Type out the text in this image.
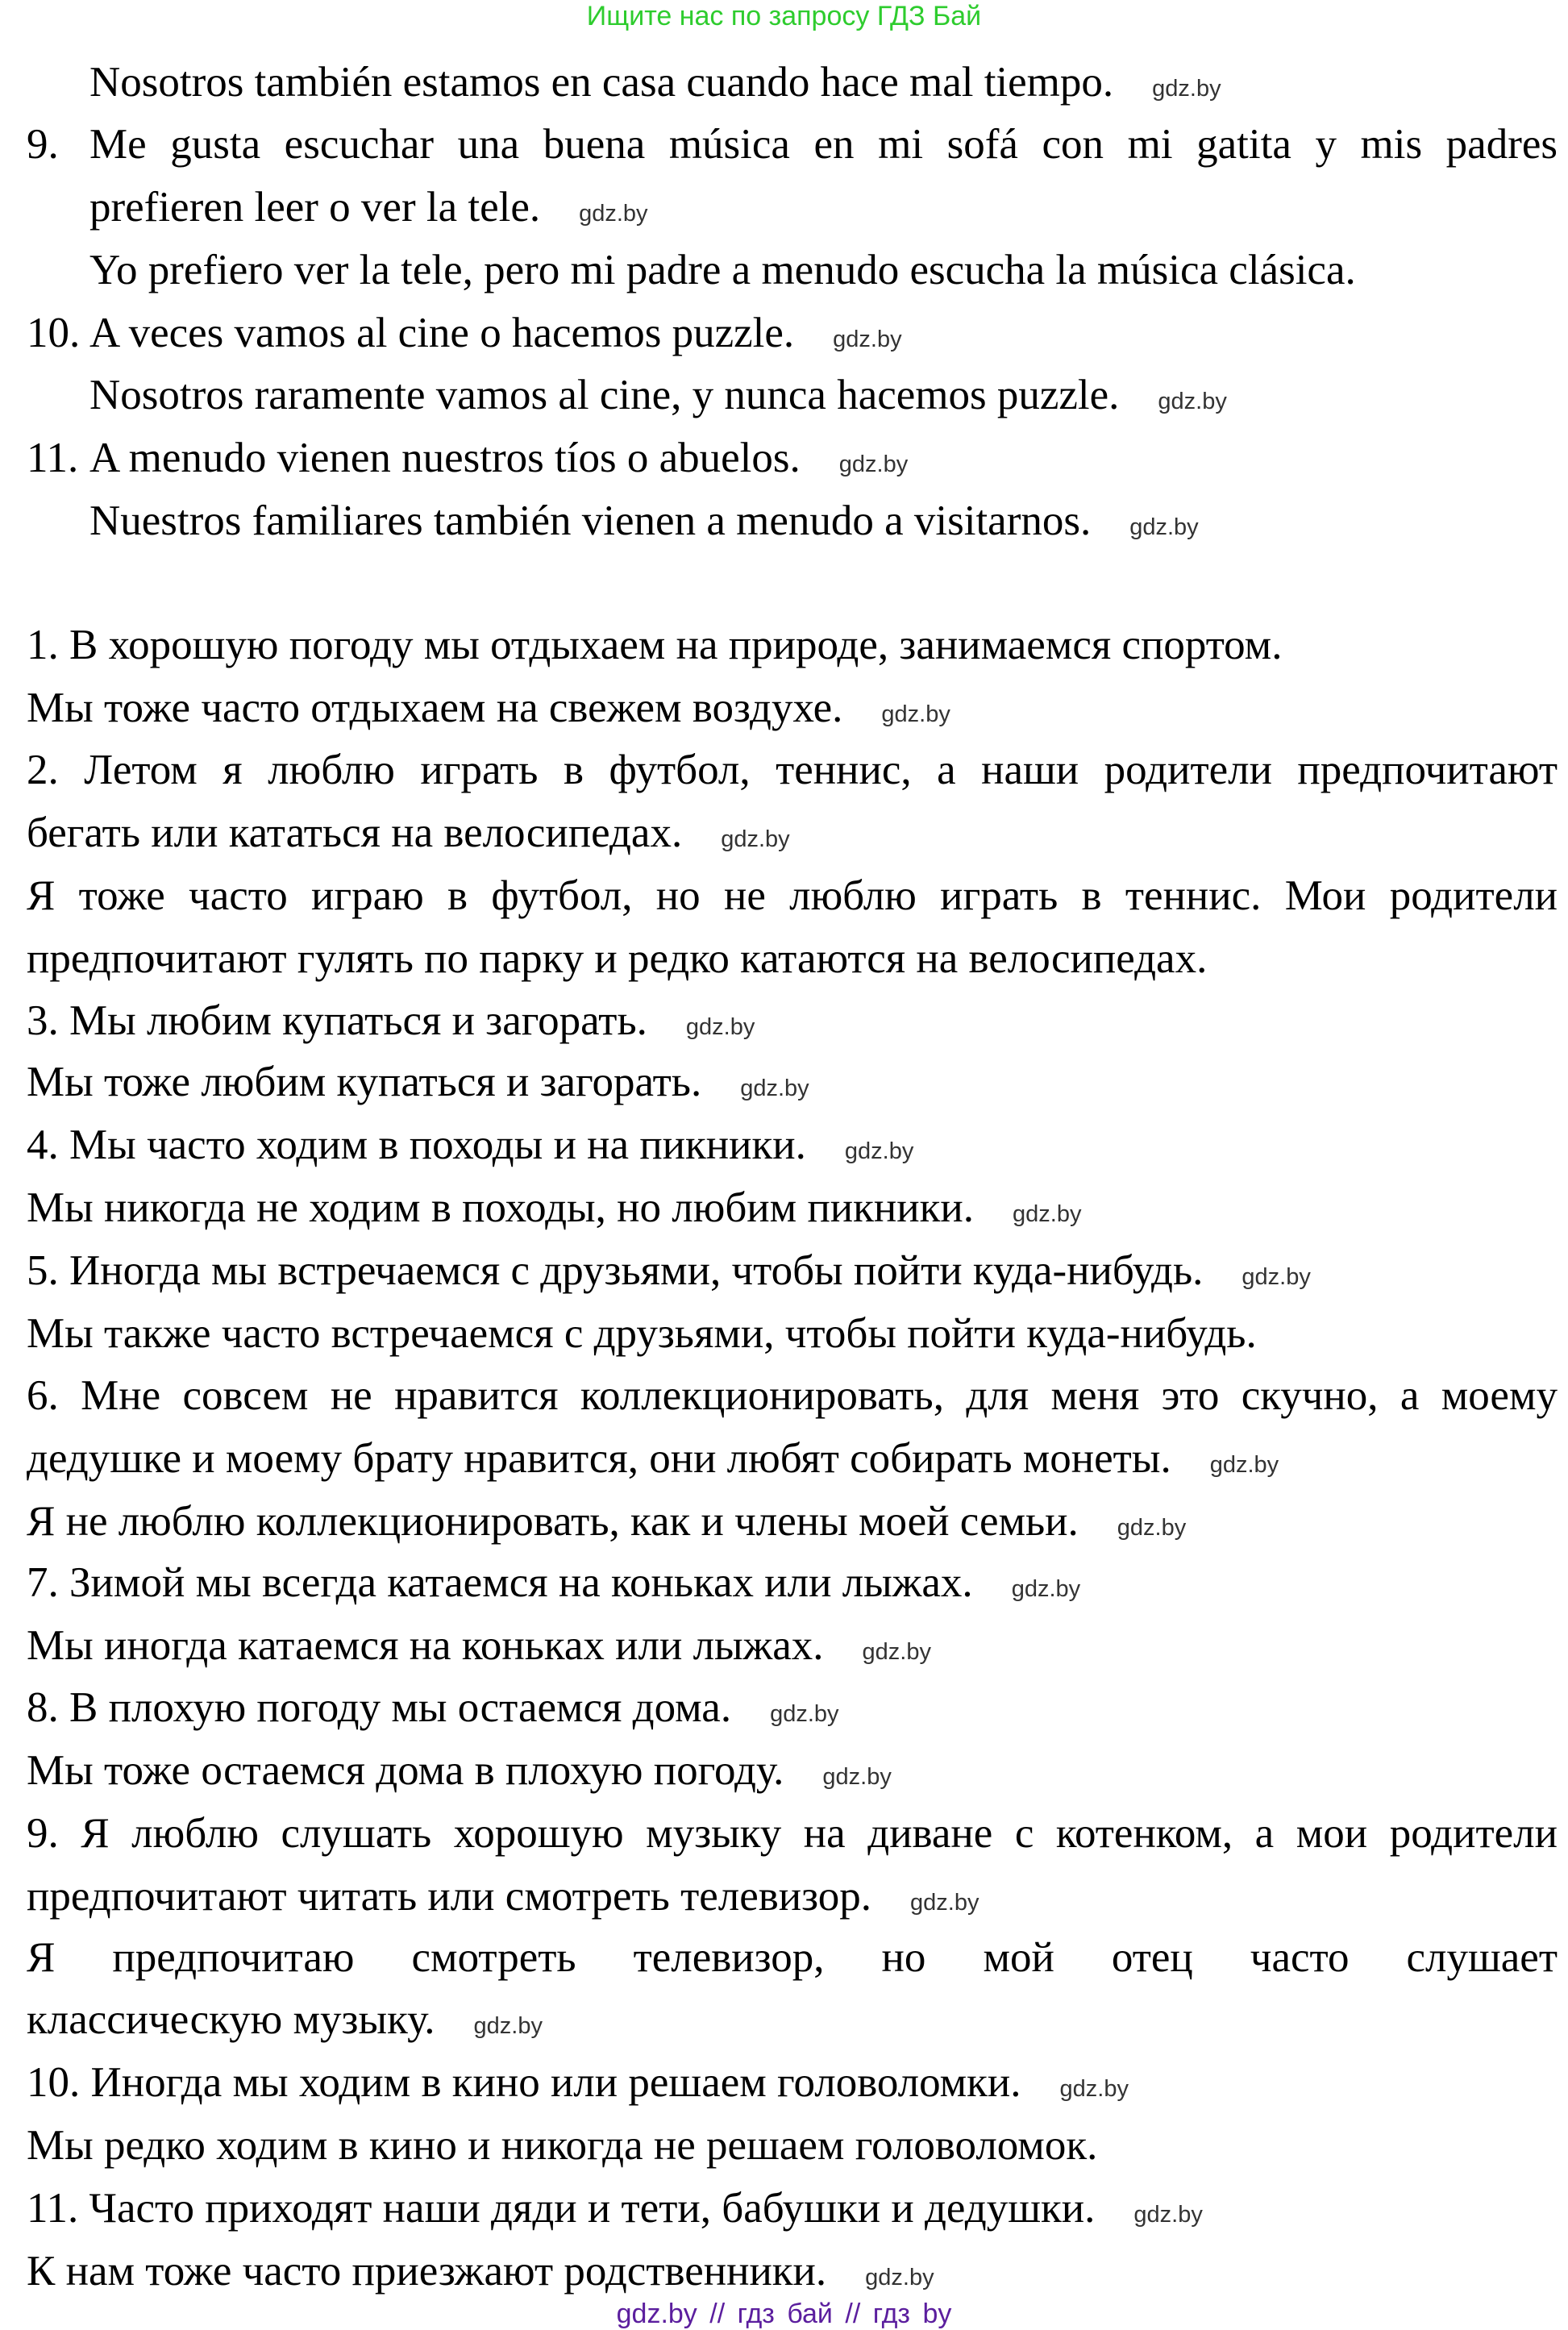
Ищите нас по запросу ГДЗ Бай
Nosotros también estamos en casa cuando hace mal tiempo. gdz.by
9. Me gusta escuchar una buena música en mi sofá con mi gatita y mis padres
prefieren leer o ver la tele. gdz.by
Yo prefiero ver la tele, pero mi padre a menudo escucha la música clásica.
10. A veces vamos al cine o hacemos puzzle. gdz.by
Nosotros raramente vamos al cine, y nunca hacemos puzzle. gdz.by
11. A menudo vienen nuestros tíos o abuelos. gdz.by
Nuestros familiares también vienen a menudo a visitarnos. gdz.by
1. В хорошую погоду мы отдыхаем на природе, занимаемся спортом.
Мы тоже часто отдыхаем на свежем воздухе. gdz.by
2. Летом я люблю играть в футбол, теннис, а наши родители предпочитают
бегать или кататься на велосипедах. gdz.by
Я тоже часто играю в футбол, но не люблю играть в теннис. Мои родители
предпочитают гулять по парку и редко катаются на велосипедах.
3. Мы любим купаться и загорать. gdz.by
Мы тоже любим купаться и загорать. gdz.by
4. Мы часто ходим в походы и на пикники. gdz.by
Мы никогда не ходим в походы, но любим пикники. gdz.by
5. Иногда мы встречаемся с друзьями, чтобы пойти куда-нибудь. gdz.by
Мы также часто встречаемся с друзьями, чтобы пойти куда-нибудь.
6. Мне совсем не нравится коллекционировать, для меня это скучно, а моему
дедушке и моему брату нравится, они любят собирать монеты. gdz.by
Я не люблю коллекционировать, как и члены моей семьи. gdz.by
7. Зимой мы всегда катаемся на коньках или лыжах. gdz.by
Мы иногда катаемся на коньках или лыжах. gdz.by
8. В плохую погоду мы остаемся дома. gdz.by
Мы тоже остаемся дома в плохую погоду. gdz.by
9. Я люблю слушать хорошую музыку на диване с котенком, а мои родители
предпочитают читать или смотреть телевизор. gdz.by
Я предпочитаю смотреть телевизор, но мой отец часто слушает
классическую музыку. gdz.by
10. Иногда мы ходим в кино или решаем головоломки. gdz.by
Мы редко ходим в кино и никогда не решаем головоломок.
11. Часто приходят наши дяди и тети, бабушки и дедушки. gdz.by
К нам тоже часто приезжают родственники. gdz.by
gdz.by // гдз бай // гдз by
